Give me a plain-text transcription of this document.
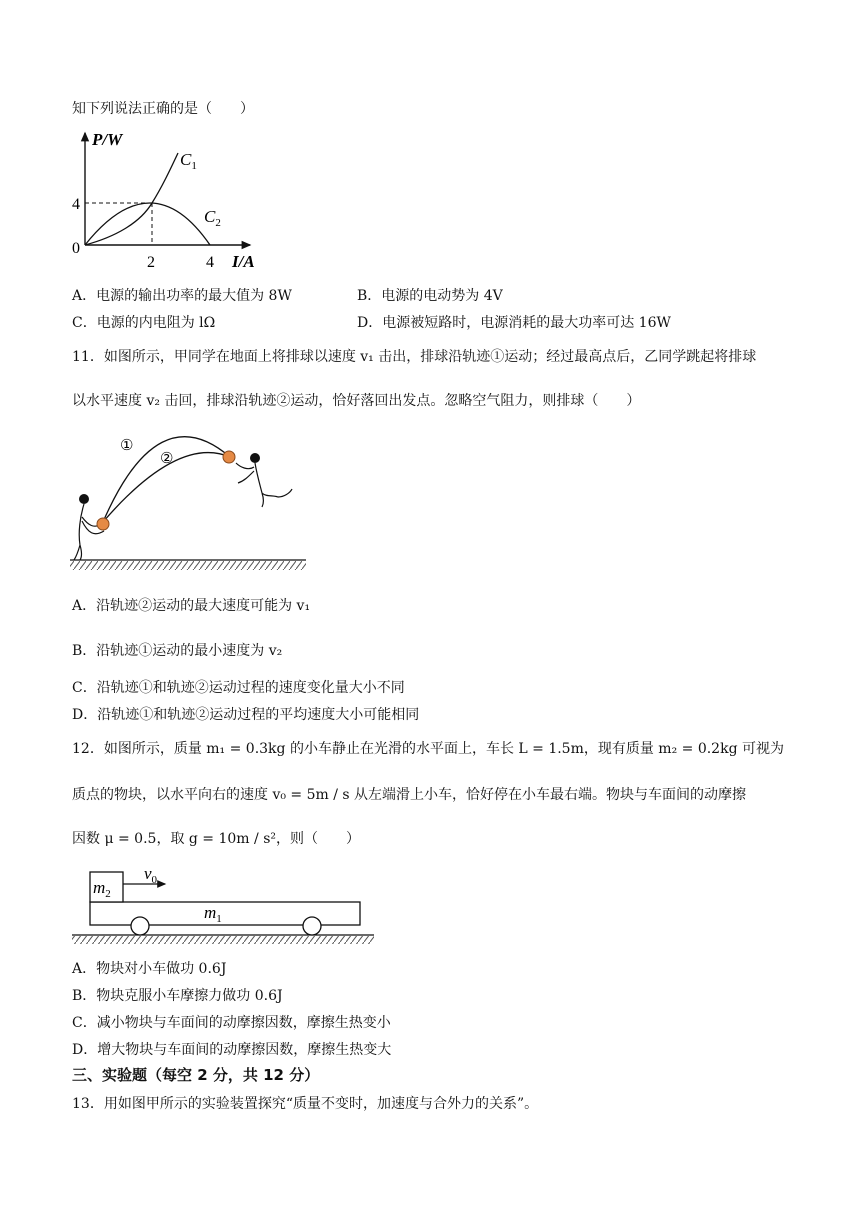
知下列说法正确的是（　　）
P/W
I/A
0
4
2	4
$C_1$
$C_2$
A．电源的输出功率的最大值为 8W	B．电源的电动势为 4V
C．电源的内电阻为 lΩ	D．电源被短路时，电源消耗的最大功率可达 16W
11．如图所示，甲同学在地面上将排球以速度 v₁ 击出，排球沿轨迹①运动；经过最高点后，乙同学跳起将排球
以水平速度 v₂ 击回，排球沿轨迹②运动，恰好落回出发点。忽略空气阻力，则排球（　　）
①
②
A．沿轨迹②运动的最大速度可能为 v₁
B．沿轨迹①运动的最小速度为 v₂
C．沿轨迹①和轨迹②运动过程的速度变化量大小不同
D．沿轨迹①和轨迹②运动过程的平均速度大小可能相同
12．如图所示，质量 m₁ = 0.3kg 的小车静止在光滑的水平面上，车长 L = 1.5m，现有质量 m₂ = 0.2kg 可视为
质点的物块，以水平向右的速度 v₀ = 5m / s 从左端滑上小车，恰好停在小车最右端。物块与车面间的动摩擦
因数 μ = 0.5，取 g = 10m / s²，则（　　）
$m_2$
$v_0$
$m_1$
A．物块对小车做功 0.6J
B．物块克服小车摩擦力做功 0.6J
C．减小物块与车面间的动摩擦因数，摩擦生热变小
D．增大物块与车面间的动摩擦因数，摩擦生热变大
三、实验题（每空 2 分，共 12 分）
13．用如图甲所示的实验装置探究“质量不变时，加速度与合外力的关系”。
